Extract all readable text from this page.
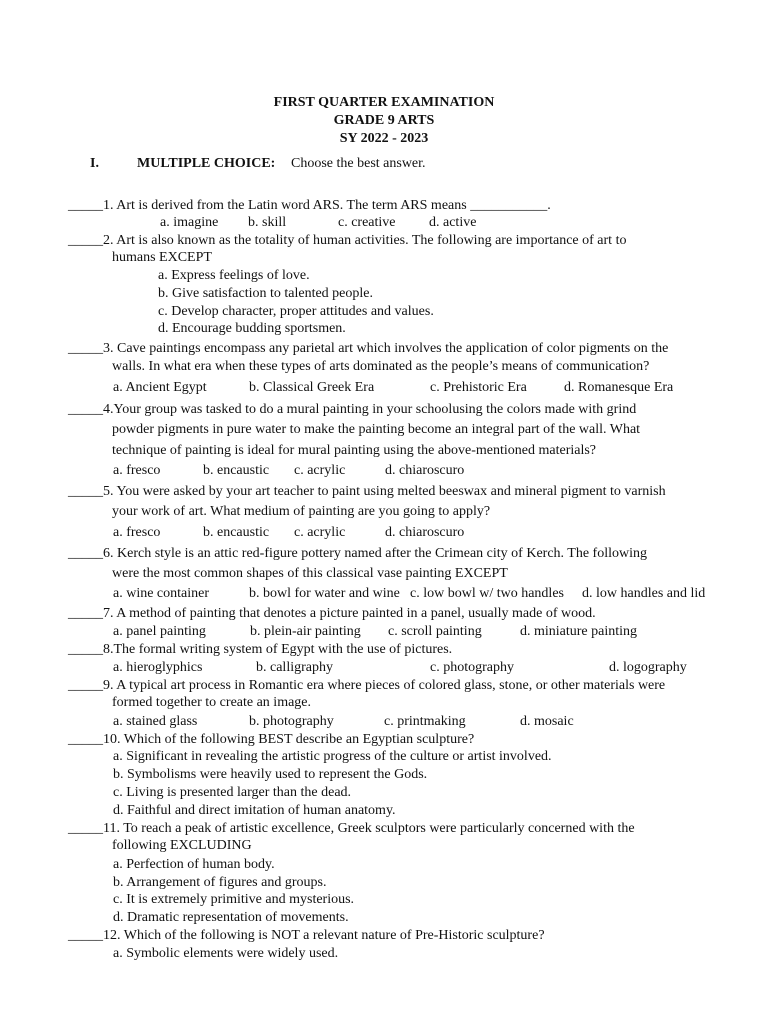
FIRST QUARTER EXAMINATION
GRADE 9 ARTS
SY 2022 - 2023
I.	MULTIPLE CHOICE: Choose the best answer.
_____1. Art is derived from the Latin word ARS. The term ARS means ___________.
a. imagine b. skill	c. creative d. active
_____2. Art is also known as the totality of human activities. The following are importance of art to
humans EXCEPT
a. Express feelings of love.
b. Give satisfaction to talented people.
c. Develop character, proper attitudes and values.
d. Encourage budding sportsmen.
_____3. Cave paintings encompass any parietal art which involves the application of color pigments on the
walls. In what era when these types of arts dominated as the people’s means of communication?
a. Ancient Egypt	b. Classical Greek Era	c. Prehistoric Era	d. Romanesque Era
_____4.Your group was tasked to do a mural painting in your schoolusing the colors made with grind
powder pigments in pure water to make the painting become an integral part of the wall. What
technique of painting is ideal for mural painting using the above-mentioned materials?
a. fresco	b. encaustic c. acrylic	d. chiaroscuro
_____5. You were asked by your art teacher to paint using melted beeswax and mineral pigment to varnish
your work of art. What medium of painting are you going to apply?
a. fresco	b. encaustic c. acrylic	d. chiaroscuro
_____6. Kerch style is an attic red-figure pottery named after the Crimean city of Kerch. The following
were the most common shapes of this classical vase painting EXCEPT
a. wine container	b. bowl for water and wine c. low bowl w/ two handles d. low handles and lid
_____7. A method of painting that denotes a picture painted in a panel, usually made of wood.
a. panel painting	b. plein-air painting c. scroll painting	d. miniature painting
_____8.The formal writing system of Egypt with the use of pictures.
a. hieroglyphics	b. calligraphy	c. photography	d. logography
_____9. A typical art process in Romantic era where pieces of colored glass, stone, or other materials were
formed together to create an image.
a. stained glass	b. photography	c. printmaking	d. mosaic
_____10. Which of the following BEST describe an Egyptian sculpture?
a. Significant in revealing the artistic progress of the culture or artist involved.
b. Symbolisms were heavily used to represent the Gods.
c. Living is presented larger than the dead.
d. Faithful and direct imitation of human anatomy.
_____11. To reach a peak of artistic excellence, Greek sculptors were particularly concerned with the
following EXCLUDING
a. Perfection of human body.
b. Arrangement of figures and groups.
c. It is extremely primitive and mysterious.
d. Dramatic representation of movements.
_____12. Which of the following is NOT a relevant nature of Pre-Historic sculpture?
a. Symbolic elements were widely used.
